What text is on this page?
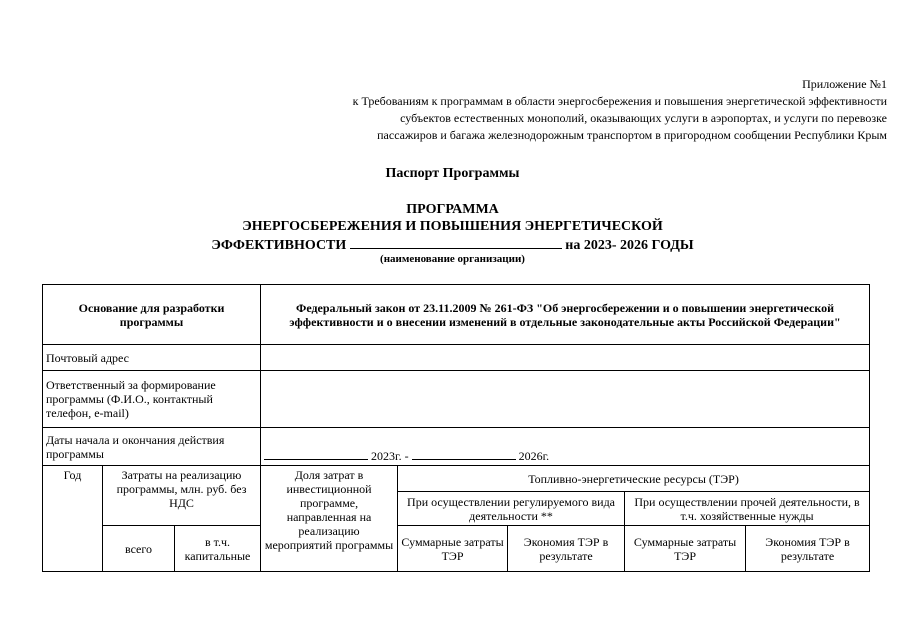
Приложение №1
к Требованиям к программам в области энергосбережения и повышения энергетической эффективности
субъектов естественных монополий, оказывающих услуги в аэропортах, и услуги по перевозке
пассажиров и багажа железнодорожным транспортом в пригородном сообщении Республики Крым
Паспорт Программы
ПРОГРАММА
ЭНЕРГОСБЕРЕЖЕНИЯ И ПОВЫШЕНИЯ ЭНЕРГЕТИЧЕСКОЙ
ЭФФЕКТИВНОСТИ	на 2023- 2026 ГОДЫ
(наименование организации)
Основание для разработки программы			Федеральный закон от 23.11.2009 № 261-ФЗ "Об энергосбережении и о повышении энергетической эффективности и о внесении изменений в отдельные законодательные акты Российской Федерации"				
Почтовый адрес							
Ответственный за формирование программы (Ф.И.О., контактный телефон, e-mail)							
Даты начала и окончания действия программы			2023г. - 2026г.				
Год	Затраты на реализацию программы, млн. руб. без НДС		Доля затрат в инвестиционной программе, направленная на реализацию мероприятий программы	Топливно-энергетические ресурсы (ТЭР)			
				При осуществлении регулируемого вида деятельности **		При осуществлении прочей деятельности, в т.ч. хозяйственные нужды	

	всего	в т.ч. капитальные		Суммарные затраты ТЭР	Экономия ТЭР в результате	Суммарные затраты ТЭР	Экономия ТЭР в результате
